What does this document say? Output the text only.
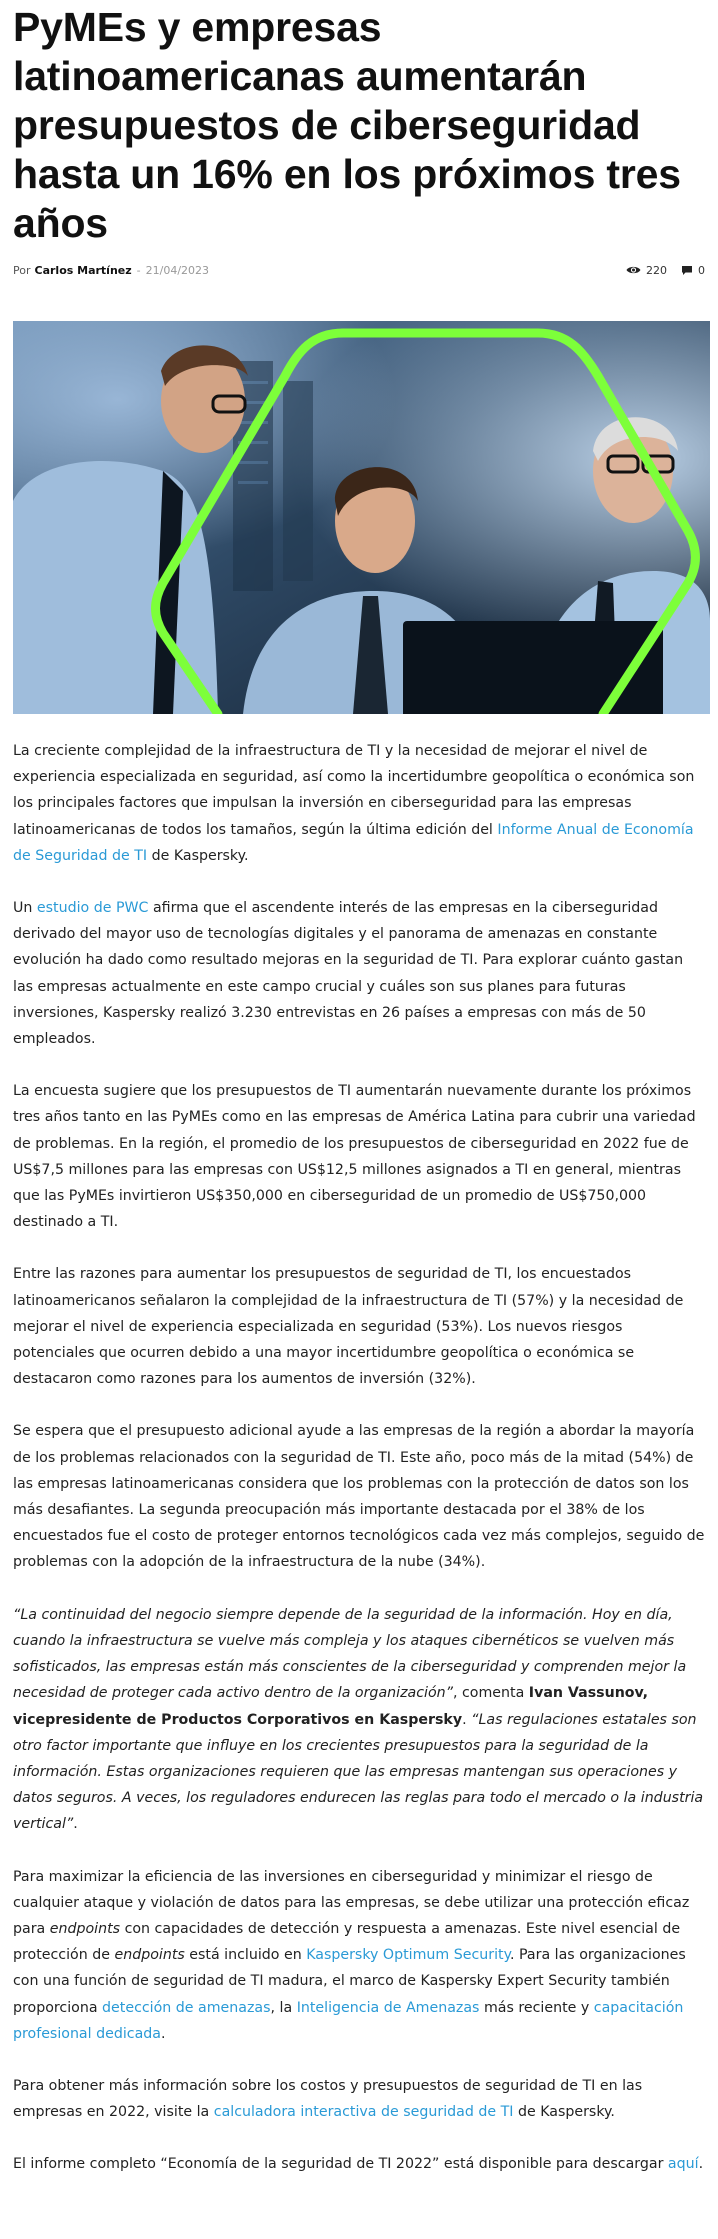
PyMEs y empresas latinoamericanas aumentarán presupuestos de ciberseguridad hasta un 16% en los próximos tres años
Por Carlos Martínez - 21/04/2023	220	0

La creciente complejidad de la infraestructura de TI y la necesidad de mejorar el nivel de experiencia especializada en seguridad, así como la incertidumbre geopolítica o económica son los principales factores que impulsan la inversión en ciberseguridad para las empresas latinoamericanas de todos los tamaños, según la última edición del Informe Anual de Economía de Seguridad de TI de Kaspersky.

Un estudio de PWC afirma que el ascendente interés de las empresas en la ciberseguridad derivado del mayor uso de tecnologías digitales y el panorama de amenazas en constante evolución ha dado como resultado mejoras en la seguridad de TI. Para explorar cuánto gastan las empresas actualmente en este campo crucial y cuáles son sus planes para futuras inversiones, Kaspersky realizó 3.230 entrevistas en 26 países a empresas con más de 50 empleados.

La encuesta sugiere que los presupuestos de TI aumentarán nuevamente durante los próximos tres años tanto en las PyMEs como en las empresas de América Latina para cubrir una variedad de problemas. En la región, el promedio de los presupuestos de ciberseguridad en 2022 fue de US$7,5 millones para las empresas con US$12,5 millones asignados a TI en general, mientras que las PyMEs invirtieron US$350,000 en ciberseguridad de un promedio de US$750,000 destinado a TI.

Entre las razones para aumentar los presupuestos de seguridad de TI, los encuestados latinoamericanos señalaron la complejidad de la infraestructura de TI (57%) y la necesidad de mejorar el nivel de experiencia especializada en seguridad (53%). Los nuevos riesgos potenciales que ocurren debido a una mayor incertidumbre geopolítica o económica se destacaron como razones para los aumentos de inversión (32%).

Se espera que el presupuesto adicional ayude a las empresas de la región a abordar la mayoría de los problemas relacionados con la seguridad de TI. Este año, poco más de la mitad (54%) de las empresas latinoamericanas considera que los problemas con la protección de datos son los más desafiantes. La segunda preocupación más importante destacada por el 38% de los encuestados fue el costo de proteger entornos tecnológicos cada vez más complejos, seguido de problemas con la adopción de la infraestructura de la nube (34%).

“La continuidad del negocio siempre depende de la seguridad de la información. Hoy en día, cuando la infraestructura se vuelve más compleja y los ataques cibernéticos se vuelven más sofisticados, las empresas están más conscientes de la ciberseguridad y comprenden mejor la necesidad de proteger cada activo dentro de la organización”, comenta Ivan Vassunov, vicepresidente de Productos Corporativos en Kaspersky. “Las regulaciones estatales son otro factor importante que influye en los crecientes presupuestos para la seguridad de la información. Estas organizaciones requieren que las empresas mantengan sus operaciones y datos seguros. A veces, los reguladores endurecen las reglas para todo el mercado o la industria vertical”.

Para maximizar la eficiencia de las inversiones en ciberseguridad y minimizar el riesgo de cualquier ataque y violación de datos para las empresas, se debe utilizar una protección eficaz para endpoints con capacidades de detección y respuesta a amenazas. Este nivel esencial de protección de endpoints está incluido en Kaspersky Optimum Security. Para las organizaciones con una función de seguridad de TI madura, el marco de Kaspersky Expert Security también proporciona detección de amenazas, la Inteligencia de Amenazas más reciente y capacitación profesional dedicada.

Para obtener más información sobre los costos y presupuestos de seguridad de TI en las empresas en 2022, visite la calculadora interactiva de seguridad de TI de Kaspersky.

El informe completo “Economía de la seguridad de TI 2022” está disponible para descargar aquí.
